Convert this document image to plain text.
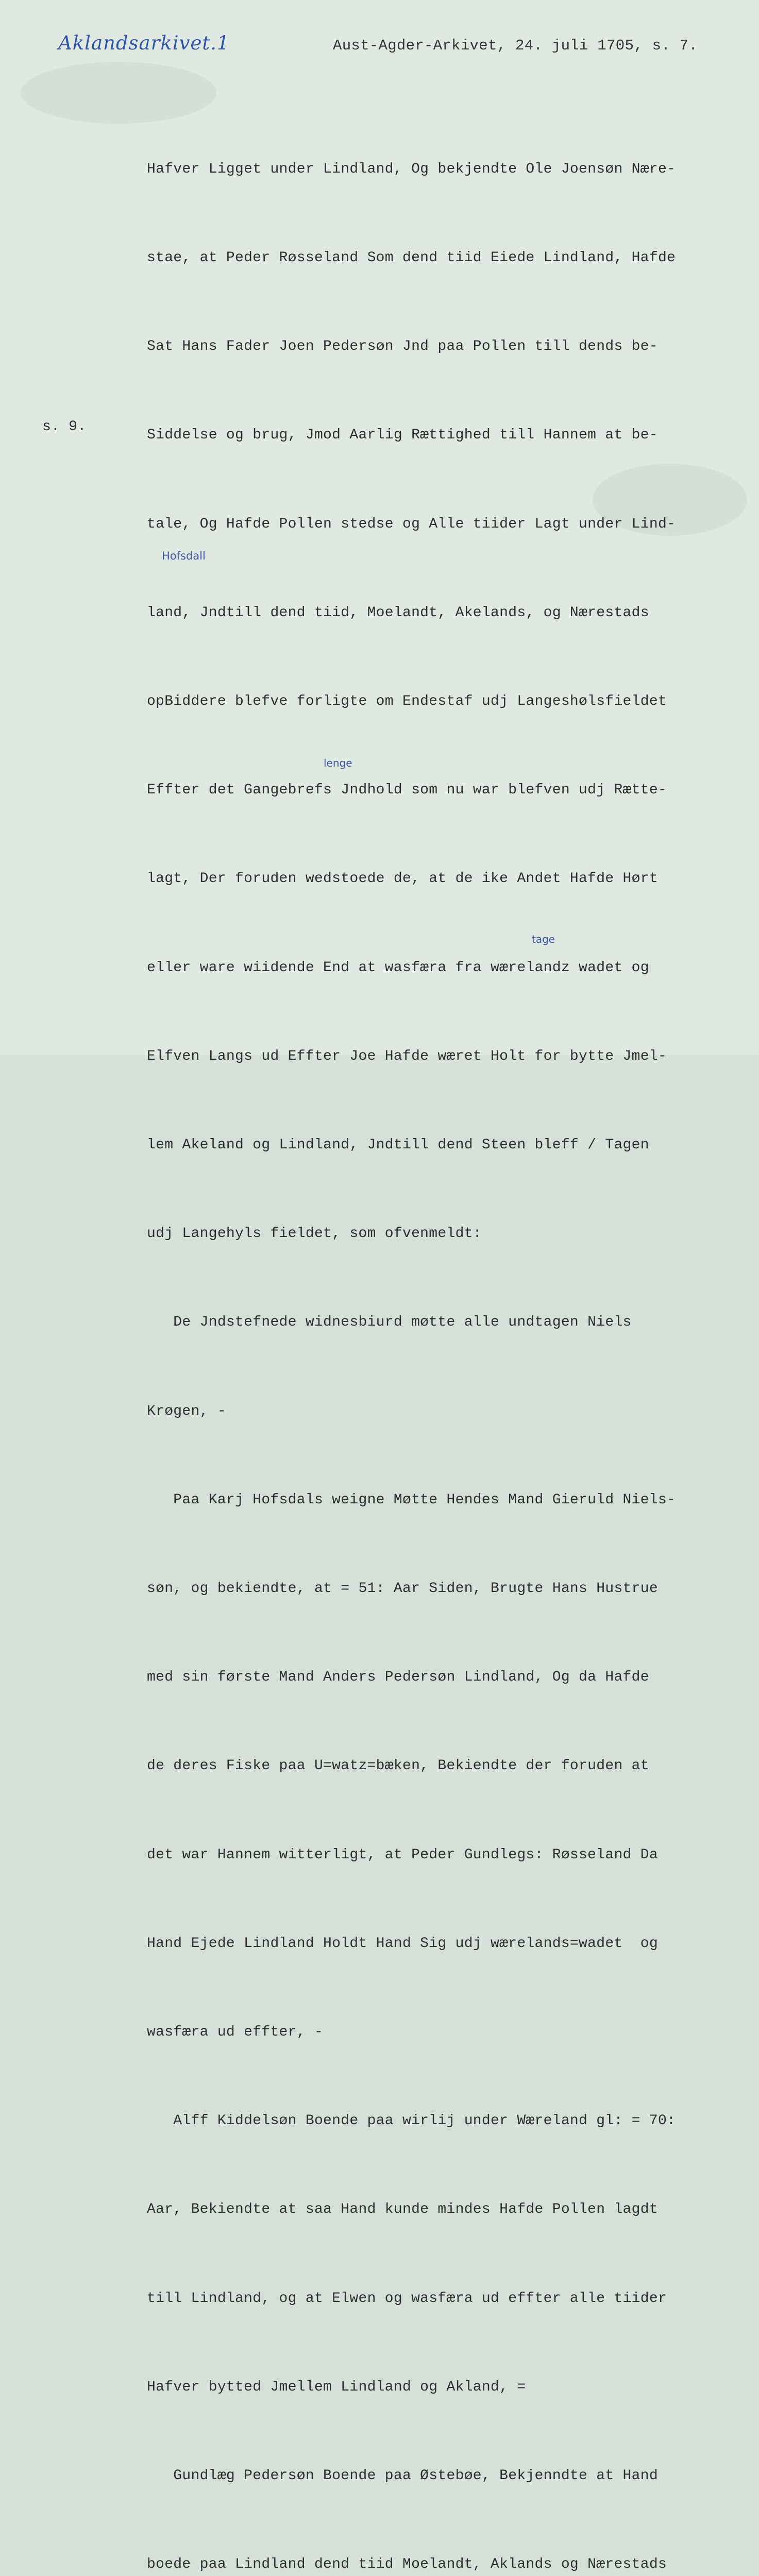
Aklandsarkivet.1	Aust-Agder-Arkivet, 24. juli 1705, s. 7.
s. 9.
Hofsdall
lenge
tage

Hafver Ligget under Lindland, Og bekjendte Ole Joensøn Nære-

stae, at Peder Røsseland Som dend tiid Eiede Lindland, Hafde

Sat Hans Fader Joen Pedersøn Jnd paa Pollen till dends be-

Siddelse og brug, Jmod Aarlig Rættighed till Hannem at be-

tale, Og Hafde Pollen stedse og Alle tiider Lagt under Lind-

land, Jndtill dend tiid, Moelandt, Akelands, og Nærestads

opBiddere blefve forligte om Endestaf udj Langeshølsfieldet

Effter det Gangebrefs Jndhold som nu war blefven udj Rætte-

lagt, Der foruden wedstoede de, at de ike Andet Hafde Hørt

eller ware wiidende End at wasfæra fra wærelandz wadet og

Elfven Langs ud Effter Joe Hafde wæret Holt for bytte Jmel-

lem Akeland og Lindland, Jndtill dend Steen bleff / Tagen

udj Langehyls fieldet, som ofvenmeldt:

De Jndstefnede widnesbiurd møtte alle undtagen Niels

Krøgen, -

Paa Karj Hofsdals weigne Møtte Hendes Mand Gieruld Niels-

søn, og bekiendte, at = 51: Aar Siden, Brugte Hans Hustrue

med sin første Mand Anders Pedersøn Lindland, Og da Hafde

de deres Fiske paa U=watz=bæken, Bekiendte der foruden at

det war Hannem witterligt, at Peder Gundlegs: Røsseland Da

Hand Ejede Lindland Holdt Hand Sig udj wærelands=wadet  og

wasfæra ud effter, -

Alff Kiddelsøn Boende paa wirlij under Wæreland gl: = 70:

Aar, Bekiendte at saa Hand kunde mindes Hafde Pollen lagdt

till Lindland, og at Elwen og wasfæra ud effter alle tiider

Hafver bytted Jmellem Lindland og Akland, =

Gundlæg Pedersøn Boende paa Østebøe, Bekjenndte at Hand

boede paa Lindland dend tiid Moelandt, Aklands og Nærestads
